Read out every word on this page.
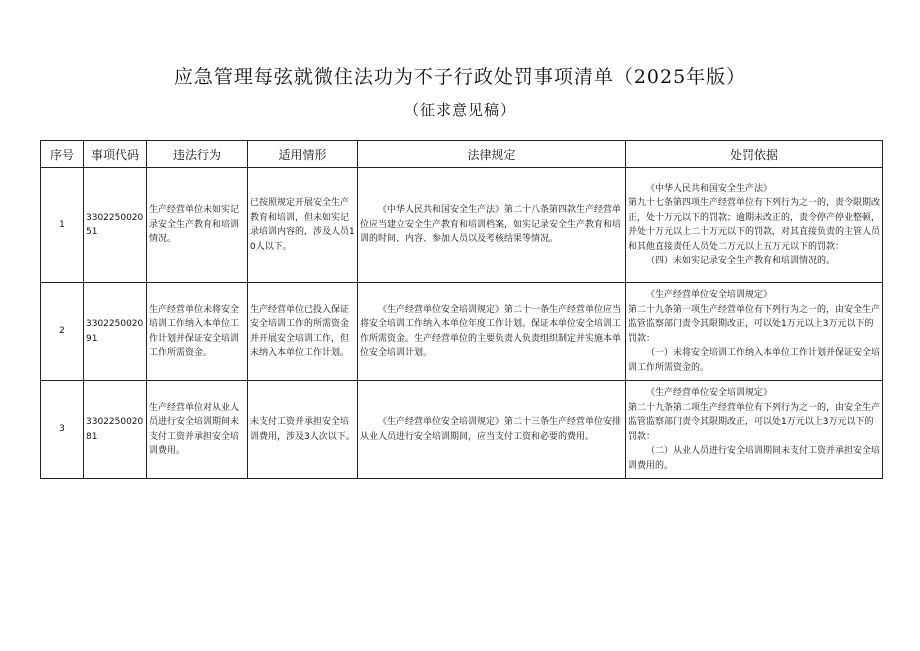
应急管理每弦就微住法功为不子行政处罚事项清单（2025年版）
（征求意见稿）
序号	事项代码	违法行为	适用情形	法律规定	处罚依据
1	330225002051	生产经营单位未如实记录安全生产教育和培训情况。	已按照规定开展安全生产教育和培训，但未如实记录培训内容的，涉及人员10人以下。	《中华人民共和国安全生产法》第二十八条第四款生产经营单位应当建立安全生产教育和培训档案，如实记录安全生产教育和培训的时间、内容、参加人员以及考核结果等情况。	《中华人民共和国安全生产法》

第九十七条第四项生产经营单位有下列行为之一的，责令限期改正，处十万元以下的罚款；逾期未改正的，责令停产停业整顿，并处十万元以上二十万元以下的罚款，对其直接负责的主管人员和其他直接责任人员处二万元以上五万元以下的罚款：

（四）未如实记录安全生产教育和培训情况的。

2	330225002091	生产经营单位未将安全培训工作纳入本单位工作计划并保证安全培训工作所需资金。	生产经营单位已投入保证安全培训工作的所需资金并开展安全培训工作，但未纳入本单位工作计划。	《生产经营单位安全培训规定》第二十一条生产经营单位应当将安全培训工作纳入本单位年度工作计划。保证本单位安全培训工作所需资金。生产经营单位的主要负责人负责组织制定并实施本单位安全培训计划。	《生产经营单位安全培训规定》

第二十九条第一项生产经营单位有下列行为之一的，由安全生产监管监察部门责令其限期改正，可以处1万元以上3万元以下的罚款：

（一）未将安全培训工作纳入本单位工作计划并保证安全培训工作所需资金的。

3	330225002081	生产经营单位对从业人员进行安全培训期间未支付工资并承担安全培训费用。	未支付工资并承担安全培训费用，涉及3人次以下。	《生产经营单位安全培训规定》第二十三条生产经营单位安排从业人员进行安全培训期间，应当支付工资和必要的费用。	《生产经营单位安全培训规定》

第二十九条第二项生产经营单位有下列行为之一的，由安全生产监管监察部门责令其限期改正，可以处1万元以上3万元以下的罚款：

（二）从业人员进行安全培训期间未支付工资并承担安全培训费用的。
